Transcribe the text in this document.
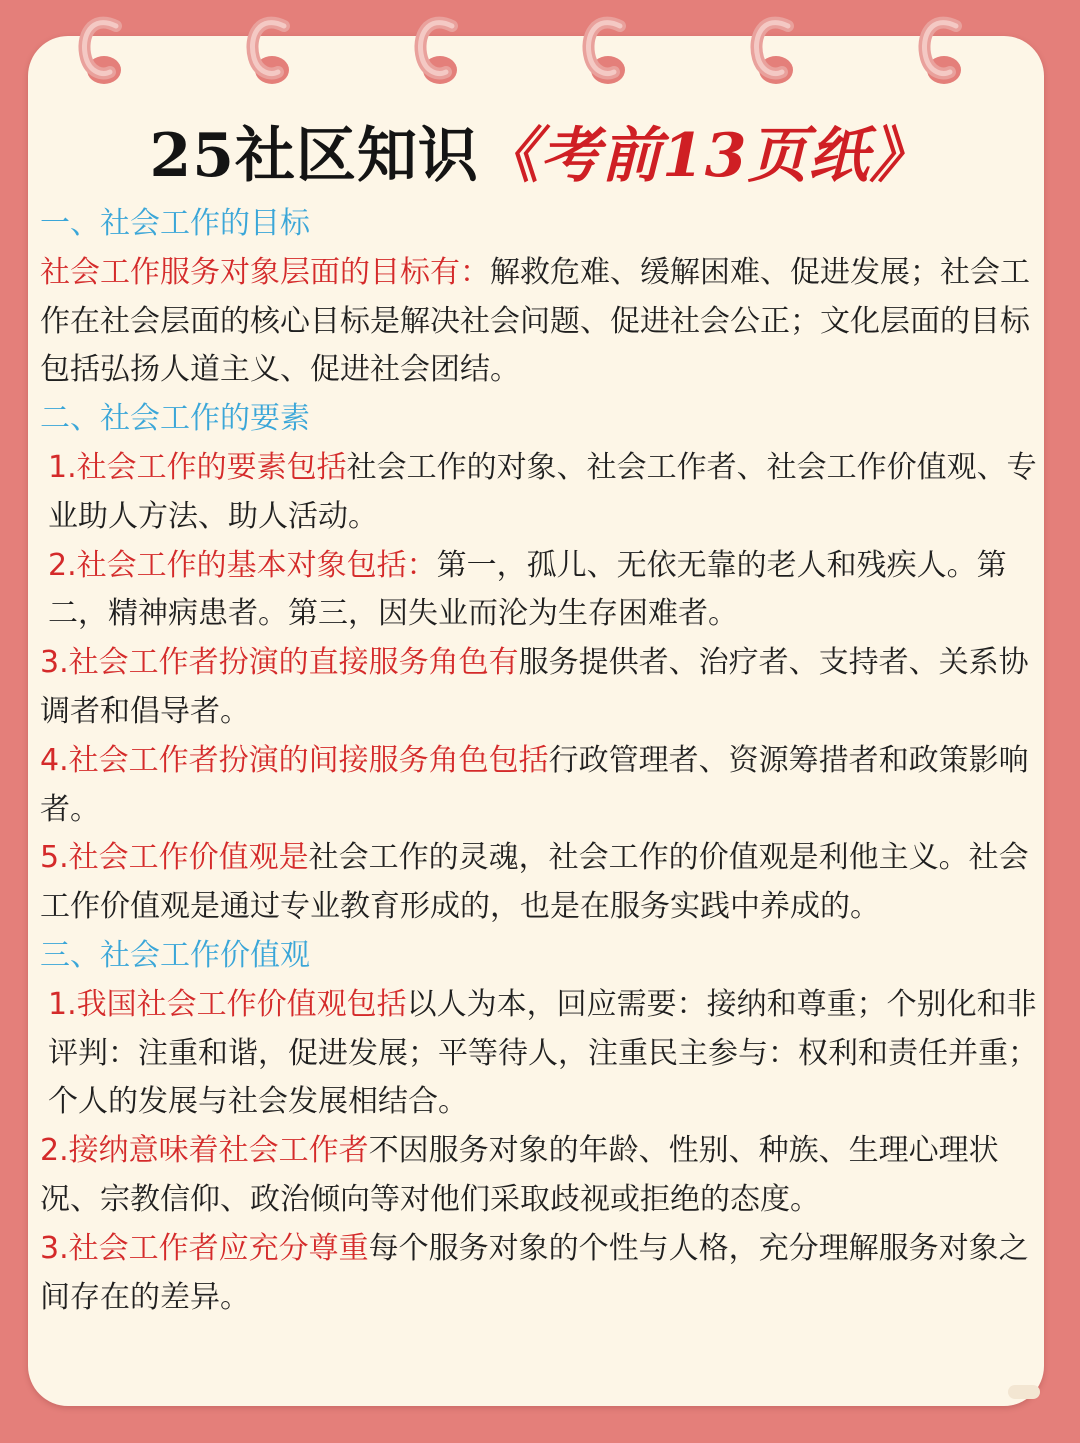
25社区知识《考前13页纸》

一、社会工作的目标

社会工作服务对象层面的目标有：解救危难、缓解困难、促进发展；社会工作在社会层面的核心目标是解决社会问题、促进社会公正；文化层面的目标包括弘扬人道主义、促进社会团结。

二、社会工作的要素

1.社会工作的要素包括社会工作的对象、社会工作者、社会工作价值观、专业助人方法、助人活动。

2.社会工作的基本对象包括：第一，孤儿、无依无靠的老人和残疾人。第二，精神病患者。第三，因失业而沦为生存困难者。

3.社会工作者扮演的直接服务角色有服务提供者、治疗者、支持者、关系协调者和倡导者。

4.社会工作者扮演的间接服务角色包括行政管理者、资源筹措者和政策影响者。

5.社会工作价值观是社会工作的灵魂，社会工作的价值观是利他主义。社会工作价值观是通过专业教育形成的，也是在服务实践中养成的。

三、社会工作价值观

1.我国社会工作价值观包括以人为本，回应需要：接纳和尊重；个别化和非评判：注重和谐，促进发展；平等待人，注重民主参与：权利和责任并重；个人的发展与社会发展相结合。

2.接纳意味着社会工作者不因服务对象的年龄、性别、种族、生理心理状况、宗教信仰、政治倾向等对他们采取歧视或拒绝的态度。

3.社会工作者应充分尊重每个服务对象的个性与人格，充分理解服务对象之间存在的差异。
